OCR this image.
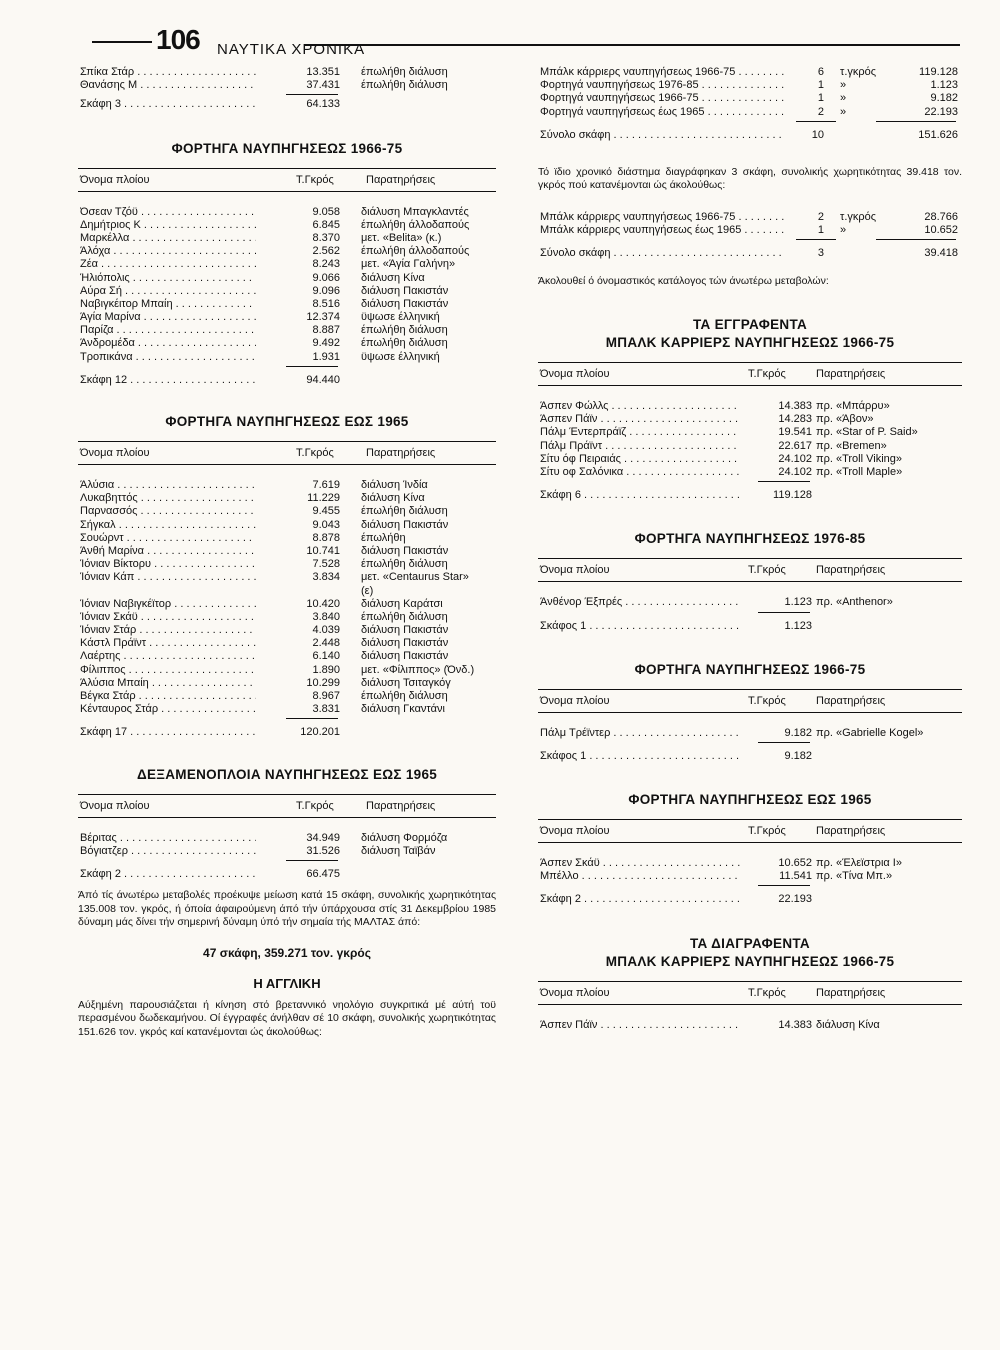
106 ΝΑΥΤΙΚΑ ΧΡΟΝΙΚΑ
Σπίκα Στάρ . . .	13.351 έπωλήθη διάλυση
Θανάσης Μ . . .	37.431 έπωλήθη διάλυση
Σκάφη 3 . . .	64.133
ΦΟΡΤΗΓΑ ΝΑΥΠΗΓΗΣΕΩΣ 1966-75
Όνομα πλοίου	Τ.Γκρός	Παρατηρήσεις
Όσεαν Τζόϋ . . .	9.058 διάλυση Μπαγκλαντές
Δημήτριος Κ . . .	6.845 έπωλήθη άλλοδαπούς
Μαρκέλλα . . .	8.370 μετ. «Belita» (κ.)
Άλόχα . . .	2.562 έπωλήθη άλλοδαπούς
Ζέα . . .	8.243 μετ. «Άγία Γαλήνη»
Ήλιόπολις . . .	9.066 διάλυση Κίνα
Αύρα Σή . . .	9.096 διάλυση Πακιστάν
Ναβιγκέιτορ Μπαίη . . .	8.516 διάλυση Πακιστάν
Άγία Μαρίνα . . .	12.374 ϋψωσε έλληνική
Παρίζα . . .	8.887 έπωλήθη διάλυση
Άνδρομέδα . . .	9.492 έπωλήθη διάλυση
Τροπικάνα . . .	1.931 ϋψωσε έλληνική
Σκάφη 12 . . .	94.440
ΦΟΡΤΗΓΑ ΝΑΥΠΗΓΗΣΕΩΣ ΕΩΣ 1965
Όνομα πλοίου	Τ.Γκρός	Παρατηρήσεις
Άλύσια . . .	7.619 διάλυση Ίνδία
Λυκαβηττός . . .	11.229 διάλυση Κίνα
Παρνασσός . . .	9.455 έπωλήθη διάλυση
Σήγκαλ . . .	9.043 διάλυση Πακιστάν
Σουώρντ . . .	8.878 έπωλήθη
Άνθή Μαρίνα . . .	10.741 διάλυση Πακιστάν
Ίόνιαν Βίκτορυ . . .	7.528 έπωλήθη διάλυση
Ίόνιαν Κάπ . . .	3.834 μετ. «Centaurus Star»
(ε)
Ίόνιαν Ναβιγκέϊτορ . . .	10.420 διάλυση Καράτσι
Ίόνιαν Σκάϋ . . .	3.840 έπωλήθη διάλυση
Ίόνιαν Στάρ . . .	4.039 διάλυση Πακιστάν
Κάστλ Πράϊντ . . .	2.448 διάλυση Πακιστάν
Λαέρτης . . .	6.140 διάλυση Πακιστάν
Φίλιππος . . .	1.890 μετ. «Φίλιππος» (Όνδ.)
Άλύσια Μπαίη . . .	10.299 διάλυση Τσιταγκόγ
Βέγκα Στάρ . . .	8.967 έπωλήθη διάλυση
Κένταυρος Στάρ . . .	3.831 διάλυση Γκαντάνι
Σκάφη 17 . . .	120.201
ΔΕΞΑΜΕΝΟΠΛΟΙΑ ΝΑΥΠΗΓΗΣΕΩΣ ΕΩΣ 1965
Όνομα πλοίου	Τ.Γκρός	Παρατηρήσεις
Βέριτας . . .	34.949 διάλυση Φορμόζα
Βόγιατζερ . . .	31.526 διάλυση Ταϊβάν
Σκάφη 2 . . .	66.475

Άπό τίς άνωτέρω μεταβολές προέκυψε μείωση κατά 15 σκάφη, συνολικής χωρητικότητας 135.008 τον. γκρός, ή όποία άφαιρούμενη άπό τήν ύπάρχουσα στίς 31 Δεκεμβρίου 1985 δύναμη μάς δίνει τήν σημερινή δύναμη ύπό τήν σημαία τής ΜΑΛΤΑΣ άπό:

47 σκάφη, 359.271 τον. γκρός
Η ΑΓΓΛΙΚΗ

Αύξημένη παρουσιάζεται ή κίνηση στό βρεταννικό νηολόγιο συγκριτικά μέ αύτή τοϋ περασμένου δωδεκαμήνου. Οί έγγραφές άνήλθαν σέ 10 σκάφη, συνολικής χωρητικότητας 151.626 τον. γκρός καί κατανέμονται ώς άκολούθως:

Μπάλκ κάρριερς ναυπηγήσεως 1966-75 . . .	6 τ.γκρός	119.128
Φορτηγά ναυπηγήσεως 1976-85 . . .	1 »	1.123
Φορτηγά ναυπηγήσεως 1966-75 . . .	1 »	9.182
Φορτηγά ναυπηγήσεως έως 1965 . . .	2 »	22.193
Σύνολο σκάφη . . .	10	151.626

Τό ϊδιο χρονικό διάστημα διαγράφηκαν 3 σκάφη, συνολικής χωρητικότητας 39.418 τον. γκρός πού κατανέμονται ώς άκολούθως:

Μπάλκ κάρριερς ναυπηγήσεως 1966-75 . . .	2 τ.γκρός	28.766
Μπάλκ κάρριερς ναυπηγήσεως έως 1965 . . .	1 »	10.652
Σύνολο σκάφη . . .	3	39.418

Άκολουθεί ό όνομαστικός κατάλογος τών άνωτέρω μεταβολών:

ΤΑ ΕΓΓΡΑΦΕΝΤΑ
ΜΠΑΛΚ ΚΑΡΡΙΕΡΣ ΝΑΥΠΗΓΗΣΕΩΣ 1966-75
Όνομα πλοίου	Τ.Γκρός	Παρατηρήσεις
Άσπεν Φώλλς . . .	14.383 πρ. «Μπάρρυ»
Άσπεν Πάϊν . . .	14.283 πρ. «Άβον»
Πάλμ Έντερπράϊζ . . .	19.541 πρ. «Star of P. Said»
Πάλμ Πράϊντ . . .	22.617 πρ. «Bremen»
Σίτυ όφ Πειραιάς . . .	24.102 πρ. «Troll Viking»
Σίτυ οφ Σαλόνικα . . .	24.102 πρ. «Troll Maple»
Σκάφη 6 . . .	119.128
ΦΟΡΤΗΓΑ ΝΑΥΠΗΓΗΣΕΩΣ 1976-85
Όνομα πλοίου	Τ.Γκρός	Παρατηρήσεις
Άνθένορ Έξπρές . . .	1.123 πρ. «Anthenor»
Σκάφος 1 . . .	1.123
ΦΟΡΤΗΓΑ ΝΑΥΠΗΓΗΣΕΩΣ 1966-75
Όνομα πλοίου	Τ.Γκρός	Παρατηρήσεις
Πάλμ Τρέϊντερ . . .	9.182 πρ. «Gabrielle Kogel»
Σκάφος 1 . . .	9.182
ΦΟΡΤΗΓΑ ΝΑΥΠΗΓΗΣΕΩΣ ΕΩΣ 1965
Όνομα πλοίου	Τ.Γκρός	Παρατηρήσεις
Άσπεν Σκάϋ . . .	10.652 πρ. «Έλεϊστρια Ι»
Μπέλλο . . .	11.541 πρ. «Τίνα Μπ.»
Σκάφη 2 . . .	22.193
ΤΑ ΔΙΑΓΡΑΦΕΝΤΑ
ΜΠΑΛΚ ΚΑΡΡΙΕΡΣ ΝΑΥΠΗΓΗΣΕΩΣ 1966-75
Όνομα πλοίου	Τ.Γκρός	Παρατηρήσεις
Άσπεν Πάϊν . . .	14.383 διάλυση Κίνα
